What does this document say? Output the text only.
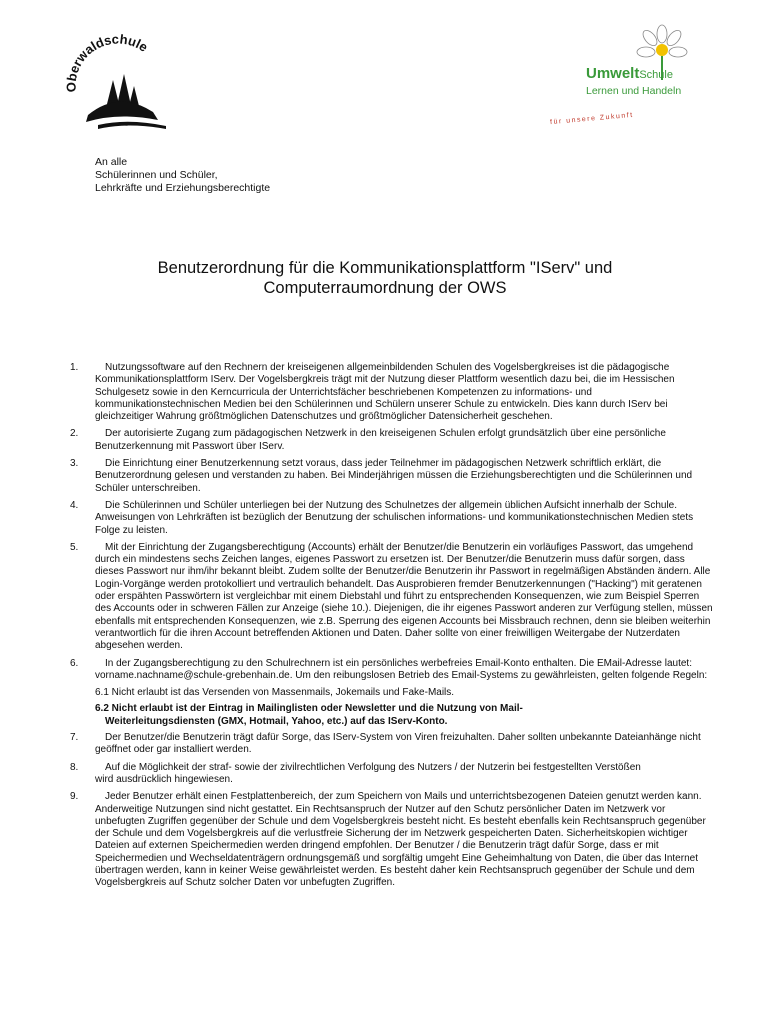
Oberwaldschule
UmweltSchule
Lernen und Handeln
für unsere Zukunft
An alle
Schülerinnen und Schüler,
Lehrkräfte und Erziehungsberechtigte
Benutzerordnung für die Kommunikationsplattform "IServ" und
Computerraumordnung der OWS
1.	Nutzungssoftware auf den Rechnern der kreiseigenen allgemeinbildenden Schulen des Vogelsbergkreises ist die pädagogische Kommunikationsplattform IServ. Der Vogelsbergkreis trägt mit der Nutzung dieser Plattform wesentlich dazu bei, die im Hessischen Schulgesetz sowie in den Kerncurricula der Unterrichtsfächer beschriebenen Kompetenzen zu informations- und kommunikationstechnischen Medien bei den Schülerinnen und Schülern unserer Schule zu entwickeln. Dies kann durch IServ bei gleichzeitiger Wahrung größtmöglichen Datenschutzes und größtmöglicher Datensicherheit geschehen.
2.	Der autorisierte Zugang zum pädagogischen Netzwerk in den kreiseigenen Schulen erfolgt grundsätzlich über eine persönliche Benutzerkennung mit Passwort über IServ.
3.	Die Einrichtung einer Benutzerkennung setzt voraus, dass jeder Teilnehmer im pädagogischen Netzwerk schriftlich erklärt, die Benutzerordnung gelesen und verstanden zu haben. Bei Minderjährigen müssen die Erziehungsberechtigten und die Schülerinnen und Schüler unterschreiben.
4.	Die Schülerinnen und Schüler unterliegen bei der Nutzung des Schulnetzes der allgemein üblichen Aufsicht innerhalb der Schule. Anweisungen von Lehrkräften ist bezüglich der Benutzung der schulischen informations- und kommunikationstechnischen Medien stets Folge zu leisten.
5.	Mit der Einrichtung der Zugangsberechtigung (Accounts) erhält der Benutzer/die Benutzerin ein vorläufiges Passwort, das umgehend durch ein mindestens sechs Zeichen langes, eigenes Passwort zu ersetzen ist. Der Benutzer/die Benutzerin muss dafür sorgen, dass dieses Passwort nur ihm/ihr bekannt bleibt. Zudem sollte der Benutzer/die Benutzerin ihr Passwort in regelmäßigen Abständen ändern. Alle Login-Vorgänge werden protokolliert und vertraulich behandelt. Das Ausprobieren fremder Benutzerkennungen ("Hacking") mit geratenen oder erspähten Passwörtern ist vergleichbar mit einem Diebstahl und führt zu entsprechenden Konsequenzen, wie zum Beispiel Sperren des Accounts oder in schweren Fällen zur Anzeige (siehe 10.). Diejenigen, die ihr eigenes Passwort anderen zur Verfügung stellen, müssen ebenfalls mit entsprechenden Konsequenzen, wie z.B. Sperrung des eigenen Accounts bei Missbrauch rechnen, denn sie bleiben weiterhin verantwortlich für die ihren Account betreffenden Aktionen und Daten. Daher sollte von einer freiwilligen Weitergabe der Nutzerdaten abgesehen werden.
6.	In der Zugangsberechtigung zu den Schulrechnern ist ein persönliches werbefreies Email-Konto enthalten. Die EMail-Adresse lautet: vorname.nachname@schule-grebenhain.de. Um den reibungslosen Betrieb des Email-Systems zu gewährleisten, gelten folgende Regeln:
6.1 Nicht erlaubt ist das Versenden von Massenmails, Jokemails und Fake-Mails.
6.2 Nicht erlaubt ist der Eintrag in Mailinglisten oder Newsletter und die Nutzung von Mail-
Weiterleitungsdiensten (GMX, Hotmail, Yahoo, etc.) auf das IServ-Konto.
7.	Der Benutzer/die Benutzerin trägt dafür Sorge, das IServ-System von Viren freizuhalten. Daher sollten unbekannte Dateianhänge nicht geöffnet oder gar installiert werden.
8.	Auf die Möglichkeit der straf- sowie der zivilrechtlichen Verfolgung des Nutzers / der Nutzerin bei festgestellten Verstößen
wird ausdrücklich hingewiesen.
9.	Jeder Benutzer erhält einen Festplattenbereich, der zum Speichern von Mails und unterrichtsbezogenen Dateien genutzt werden kann. Anderweitige Nutzungen sind nicht gestattet. Ein Rechtsanspruch der Nutzer auf den Schutz persönlicher Daten im Netzwerk vor unbefugten Zugriffen gegenüber der Schule und dem Vogelsbergkreis besteht nicht. Es besteht ebenfalls kein Rechtsanspruch gegenüber der Schule und dem Vogelsbergkreis auf die verlustfreie Sicherung der im Netzwerk gespeicherten Daten. Sicherheitskopien wichtiger Dateien auf externen Speichermedien werden dringend empfohlen. Der Benutzer / die Benutzerin trägt dafür Sorge, dass er mit Speichermedien und Wechseldatenträgern ordnungsgemäß und sorgfältig umgeht Eine Geheimhaltung von Daten, die über das Internet übertragen werden, kann in keiner Weise gewährleistet werden. Es besteht daher kein Rechtsanspruch gegenüber der Schule und dem Vogelsbergkreis auf Schutz solcher Daten vor unbefugten Zugriffen.
